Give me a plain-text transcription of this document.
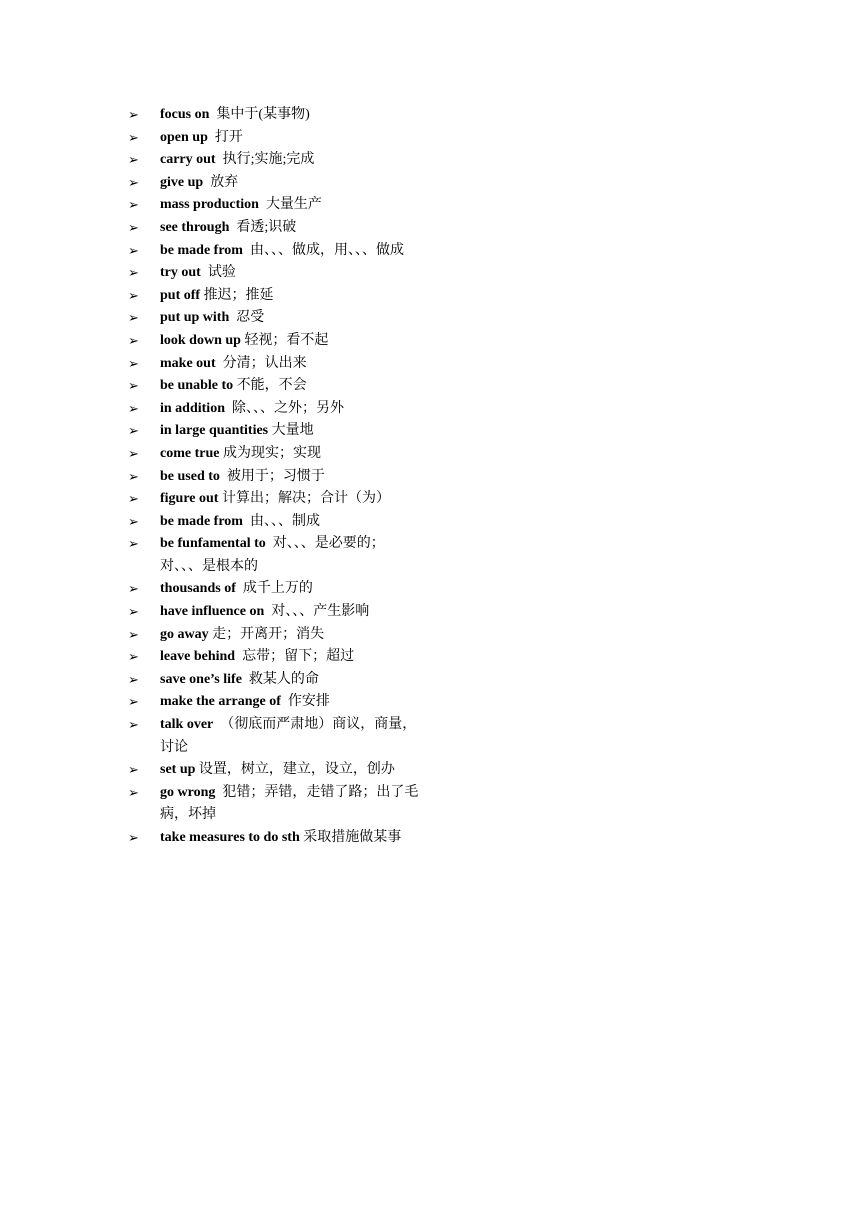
➢	focus on 集中于(某事物)
➢	open up 打开
➢	carry out 执行;实施;完成
➢	give up 放弃
➢	mass production 大量生产
➢	see through 看透;识破
➢	be made from 由、、、做成，用、、、做成
➢	try out 试验
➢	put off 推迟；推延
➢	put up with 忍受
➢	look down up 轻视；看不起
➢	make out 分清；认出来
➢	be unable to 不能，不会
➢	in addition 除、、、之外；另外
➢	in large quantities 大量地
➢	come true 成为现实；实现
➢	be used to 被用于；习惯于
➢	figure out 计算出；解决；合计（为）
➢	be made from 由、、、制成
➢	be funfamental to 对、、、是必要的；对、、、是根本的
➢	thousands of 成千上万的
➢	have influence on 对、、、产生影响
➢	go away 走；开离开；消失
➢	leave behind 忘带；留下；超过
➢	save one’s life 救某人的命
➢	make the arrange of 作安排
➢	talk over （彻底而严肃地）商议，商量，讨论
➢	set up 设置，树立，建立，设立，创办
➢	go wrong 犯错；弄错，走错了路；出了毛病，坏掉
➢	take measures to do sth 采取措施做某事
